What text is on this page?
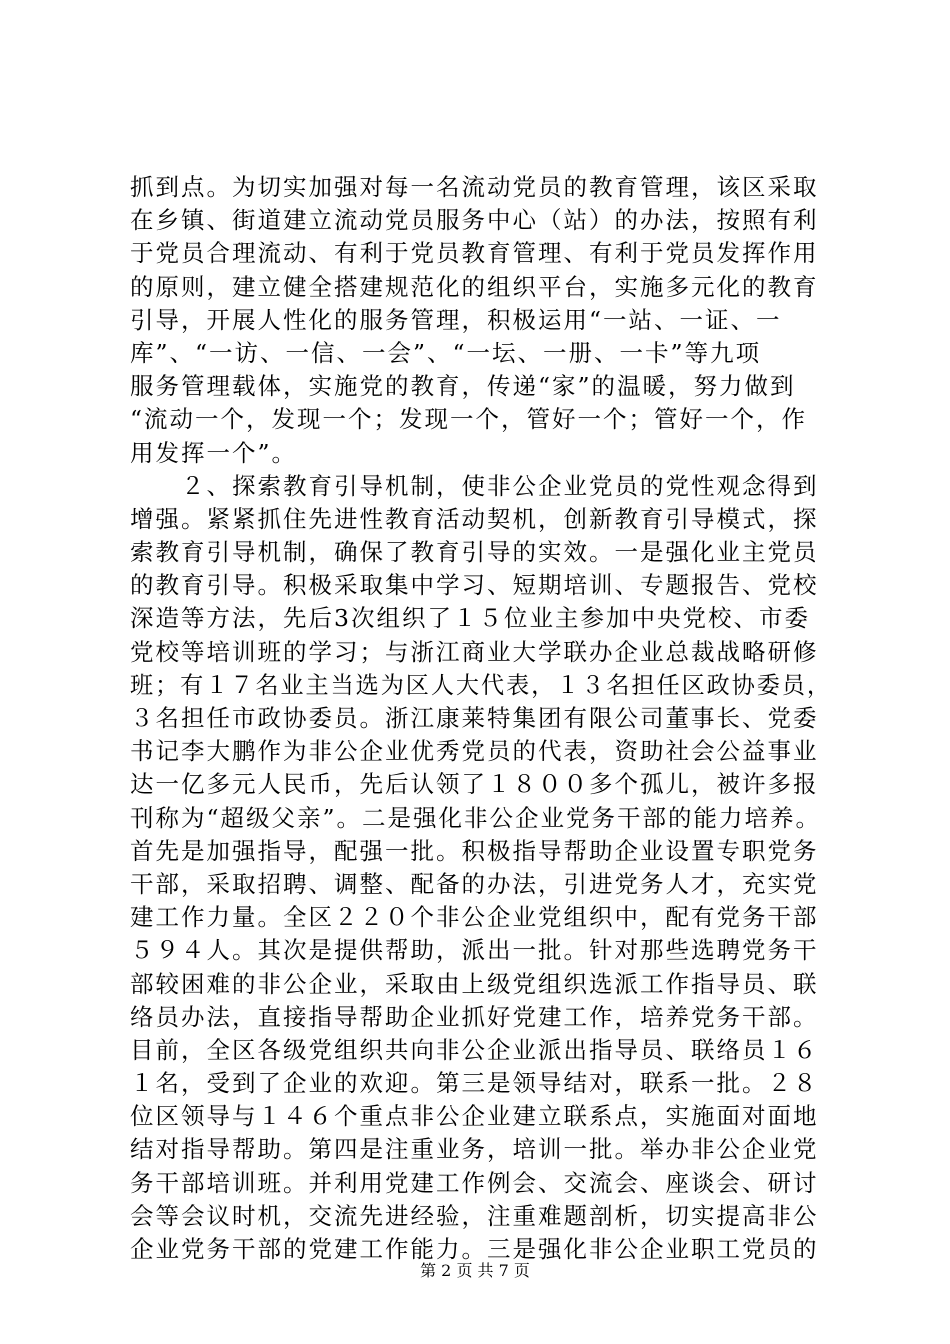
抓到点。为切实加强对每一名流动党员的教育管理，该区采取
在乡镇、街道建立流动党员服务中心（站）的办法，按照有利
于党员合理流动、有利于党员教育管理、有利于党员发挥作用
的原则，建立健全搭建规范化的组织平台，实施多元化的教育
引导，开展人性化的服务管理，积极运用“一站、一证、一
库”、“一访、一信、一会”、“一坛、一册、一卡”等九项
服务管理载体，实施党的教育，传递“家”的温暖，努力做到
“流动一个，发现一个；发现一个，管好一个；管好一个，作
用发挥一个”。
　　２、探索教育引导机制，使非公企业党员的党性观念得到
增强。紧紧抓住先进性教育活动契机，创新教育引导模式，探
索教育引导机制，确保了教育引导的实效。一是强化业主党员
的教育引导。积极采取集中学习、短期培训、专题报告、党校
深造等方法，先后3次组织了１５位业主参加中央党校、市委
党校等培训班的学习；与浙江商业大学联办企业总裁战略研修
班；有１７名业主当选为区人大代表，１３名担任区政协委员，
３名担任市政协委员。浙江康莱特集团有限公司董事长、党委
书记李大鹏作为非公企业优秀党员的代表，资助社会公益事业
达一亿多元人民币，先后认领了１８００多个孤儿，被许多报
刊称为“超级父亲”。二是强化非公企业党务干部的能力培养。
首先是加强指导，配强一批。积极指导帮助企业设置专职党务
干部，采取招聘、调整、配备的办法，引进党务人才，充实党
建工作力量。全区２２０个非公企业党组织中，配有党务干部
５９４人。其次是提供帮助，派出一批。针对那些选聘党务干
部较困难的非公企业，采取由上级党组织选派工作指导员、联
络员办法，直接指导帮助企业抓好党建工作，培养党务干部。
目前，全区各级党组织共向非公企业派出指导员、联络员１６
１名，受到了企业的欢迎。第三是领导结对，联系一批。２８
位区领导与１４６个重点非公企业建立联系点，实施面对面地
结对指导帮助。第四是注重业务，培训一批。举办非公企业党
务干部培训班。并利用党建工作例会、交流会、座谈会、研讨
会等会议时机，交流先进经验，注重难题剖析，切实提高非公
企业党务干部的党建工作能力。三是强化非公企业职工党员的
第 2 页 共 7 页
